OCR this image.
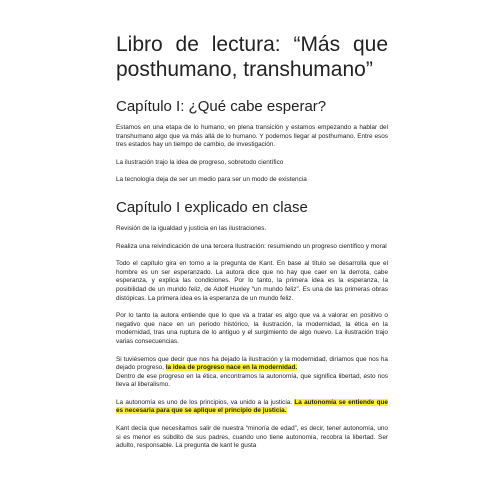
Libro de lectura: “Más que posthumano, transhumano”
Capítulo I: ¿Qué cabe esperar?

Estamos en una etapa de lo humano, en plena transición y estamos empezando a hablar del transhumano algo que va más allá de lo humano. Y podemos llegar al posthumano. Entre esos tres estados hay un tiempo de cambio, de investigación.

La ilustración trajo la idea de progreso, sobretodo científico

La tecnología deja de ser un medio para ser un modo de existencia

Capítulo I explicado en clase

Revisión de la igualdad y justicia en las ilustraciones.

Realiza una reivindicación de una tercera Ilustración: resumiendo un progreso científico y moral

Todo el capítulo gira en torno a la pregunta de Kant. En base al título se desarrolla que el hombre es un ser esperanzado. La autora dice que no hay que caer en la derrota, cabe esperanza, y explica las condiciones. Por lo tanto, la primera idea es la esperanza, la posibilidad de un mundo feliz, de Adolf Huxley “un mundo feliz”. Es una de las primeras obras distópicas. La primera idea es la esperanza de un mundo feliz.

Por lo tanto la autora entiende que lo que va a tratar es algo que va a valorar en positivo o negativo que nace en un periodo histórico, la ilustración, la modernidad, la ética en la modernidad, tras una ruptura de lo antiguo y el surgimiento de algo nuevo. La ilustración trajo varias consecuencias.

Si tuviésemos que decir que nos ha dejado la ilustración y la modernidad, diríamos que nos ha dejado progreso, la idea de progreso nace en la modernidad.

Dentro de ese progreso en la ética, encontramos la autonomía, que significa libertad, esto nos lleva al liberalismo.

La autonomía es uno de los principios, va unido a la justicia. La autonomía se entiende que es necesaria para que se aplique el principio de justicia.

Kant decía que necesitamos salir de nuestra “minoría de edad”, es decir, tener autonomía, uno si es menor es súbdito de sus padres, cuando uno tiene autonomía, recobra la libertad. Ser adulto, responsable. La pregunta de kant le gusta
